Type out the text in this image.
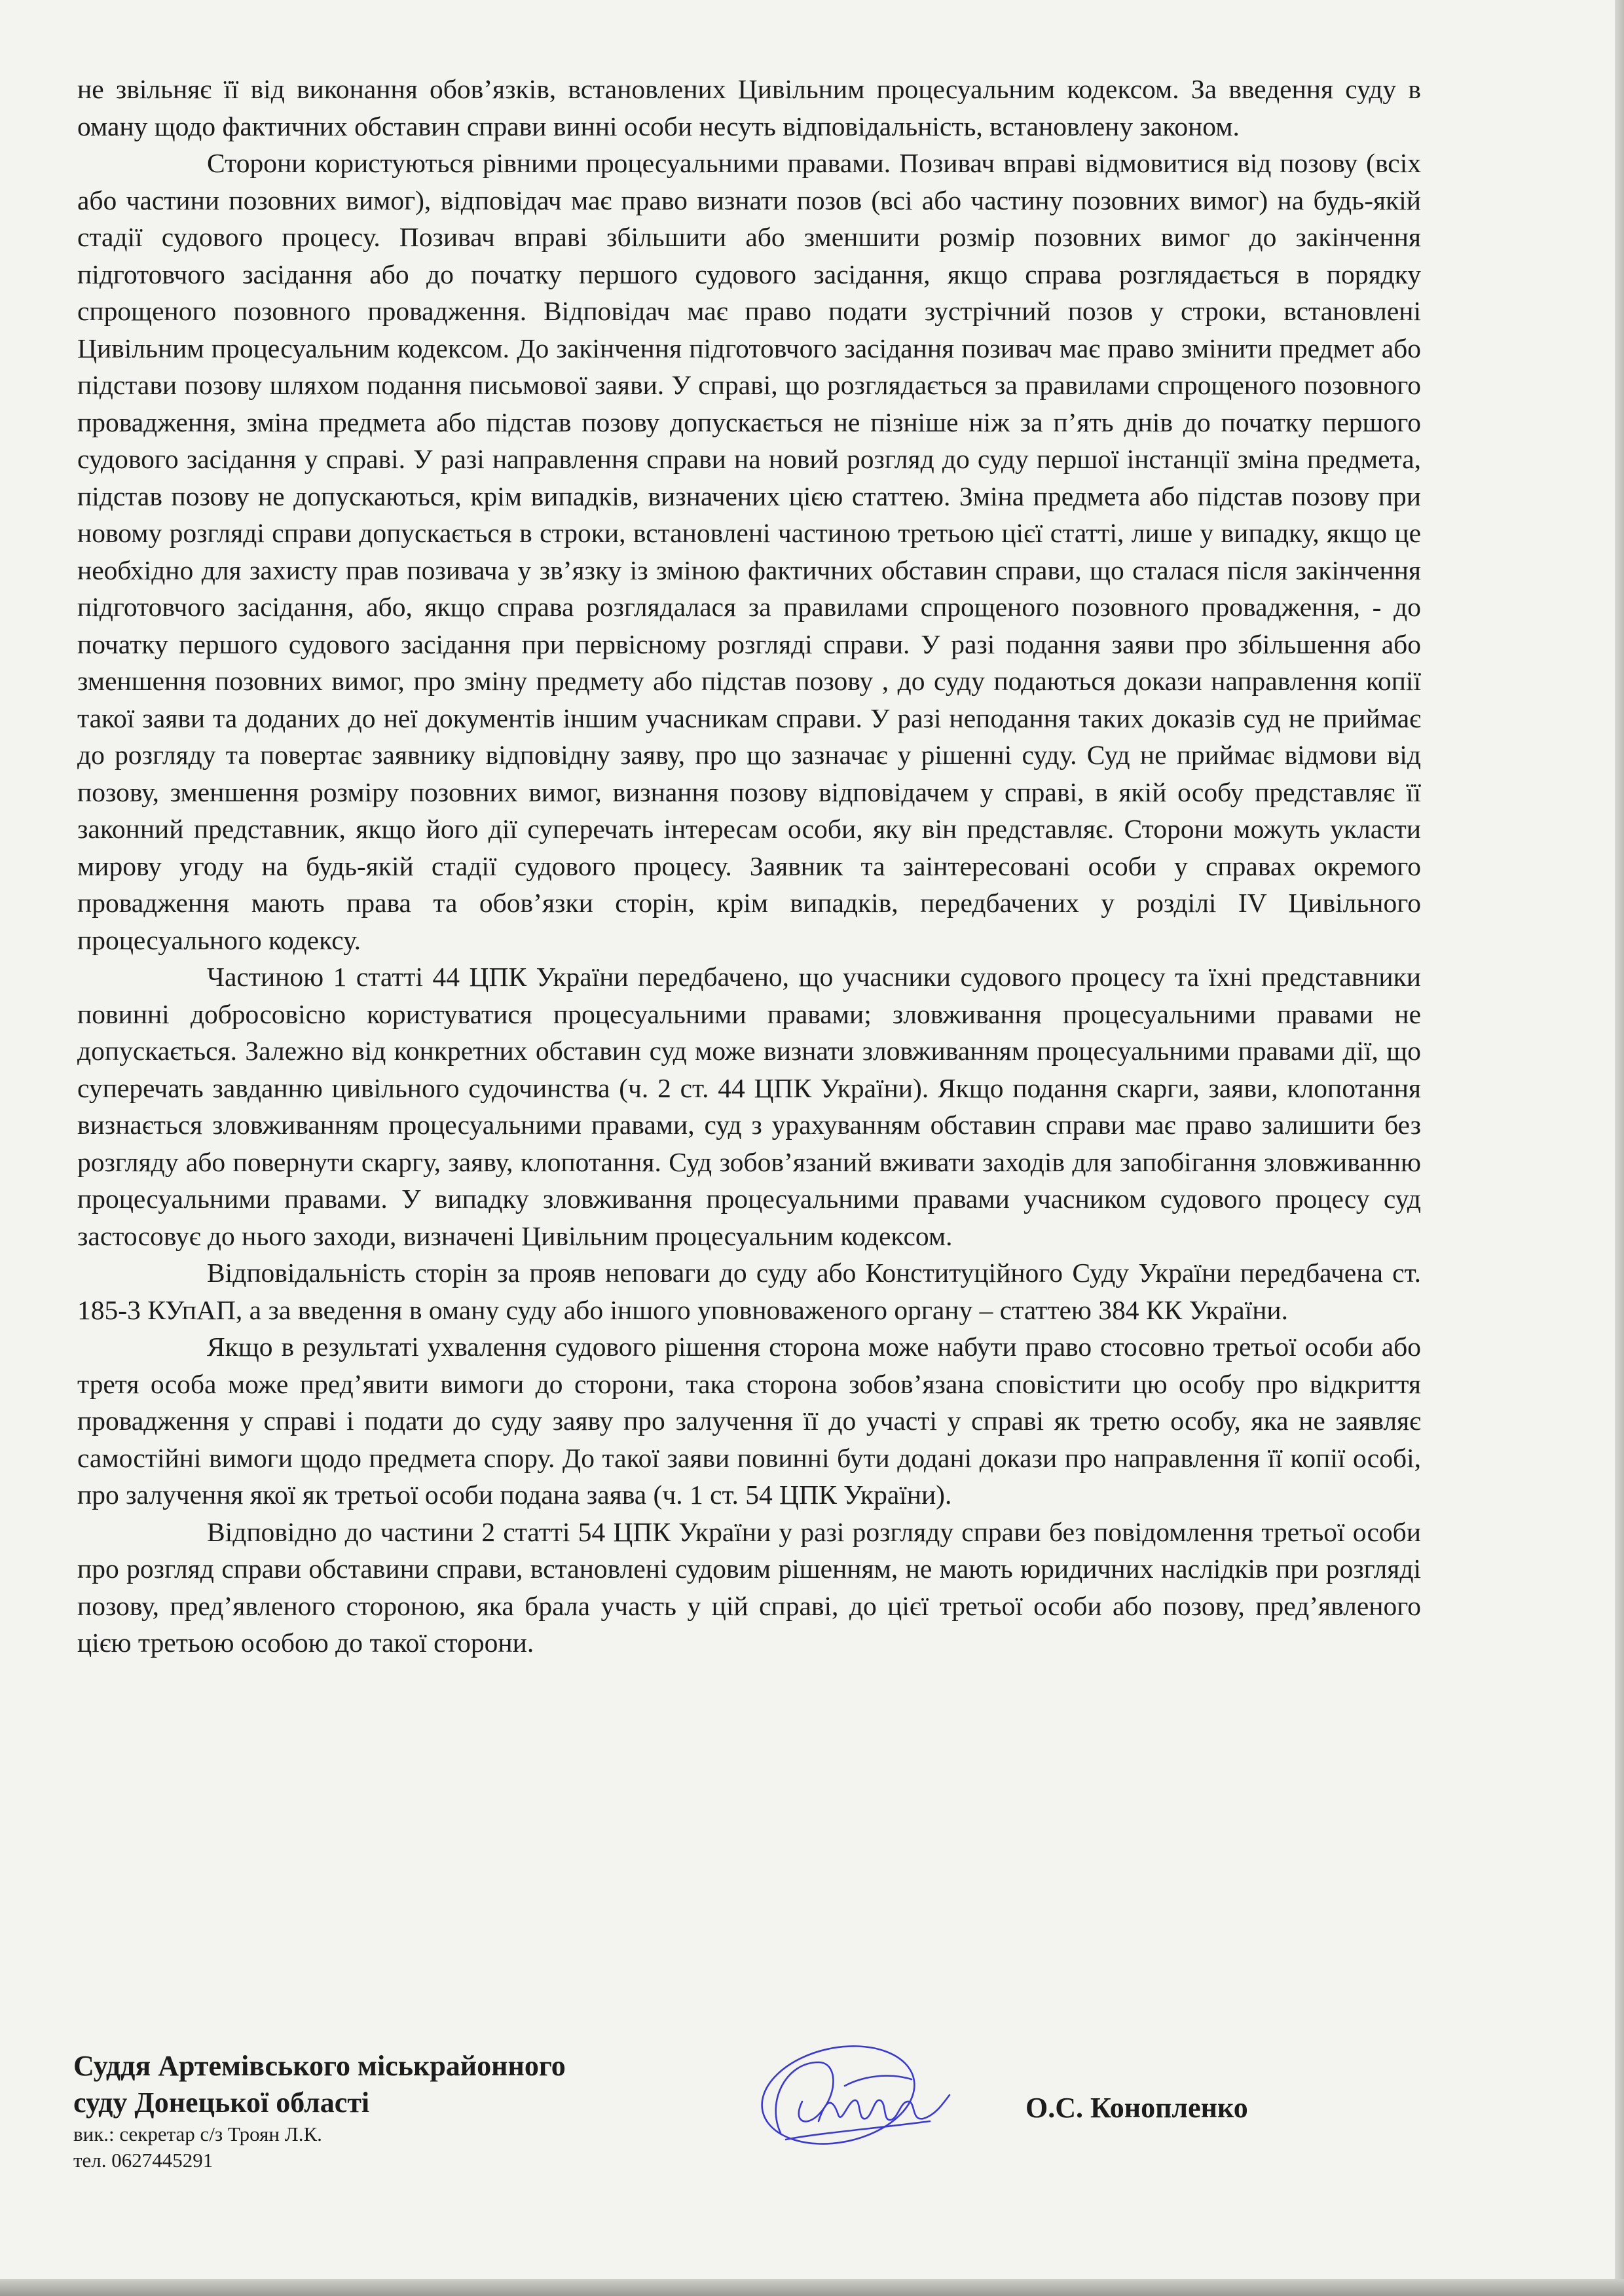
не звільняє її від виконання обов’язків, встановлених Цивільним процесуальним кодексом. За введення суду в оману щодо фактичних обставин справи винні особи несуть відповідальність, встановлену законом.

Сторони користуються рівними процесуальними правами. Позивач вправі відмовитися від позову (всіх або частини позовних вимог), відповідач має право визнати позов (всі або частину позовних вимог) на будь-якій стадії судового процесу. Позивач вправі збільшити або зменшити розмір позовних вимог до закінчення підготовчого засідання або до початку першого судового засідання, якщо справа розглядається в порядку спрощеного позовного провадження. Відповідач має право подати зустрічний позов у строки, встановлені Цивільним процесуальним кодексом. До закінчення підготовчого засідання позивач має право змінити предмет або підстави позову шляхом подання письмової заяви. У справі, що розглядається за правилами спрощеного позовного провадження, зміна предмета або підстав позову допускається не пізніше ніж за п’ять днів до початку першого судового засідання у справі. У разі направлення справи на новий розгляд до суду першої інстанції зміна предмета, підстав позову не допускаються, крім випадків, визначених цією статтею. Зміна предмета або підстав позову при новому розгляді справи допускається в строки, встановлені частиною третьою цієї статті, лише у випадку, якщо це необхідно для захисту прав позивача у зв’язку із зміною фактичних обставин справи, що сталася після закінчення підготовчого засідання, або, якщо справа розглядалася за правилами спрощеного позовного провадження, - до початку першого судового засідання при первісному розгляді справи. У разі подання заяви про збільшення або зменшення позовних вимог, про зміну предмету або підстав позову , до суду подаються докази направлення копії такої заяви та доданих до неї документів іншим учасникам справи. У разі неподання таких доказів суд не приймає до розгляду та повертає заявнику відповідну заяву, про що зазначає у рішенні суду. Суд не приймає відмови від позову, зменшення розміру позовних вимог, визнання позову відповідачем у справі, в якій особу представляє її законний представник, якщо його дії суперечать інтересам особи, яку він представляє. Сторони можуть укласти мирову угоду на будь-якій стадії судового процесу. Заявник та заінтересовані особи у справах окремого провадження мають права та обов’язки сторін, крім випадків, передбачених у розділі IV Цивільного процесуального кодексу.

Частиною 1 статті 44 ЦПК України передбачено, що учасники судового процесу та їхні представники повинні добросовісно користуватися процесуальними правами; зловживання процесуальними правами не допускається. Залежно від конкретних обставин суд може визнати зловживанням процесуальними правами дії, що суперечать завданню цивільного судочинства (ч. 2 ст. 44 ЦПК України). Якщо подання скарги, заяви, клопотання визнається зловживанням процесуальними правами, суд з урахуванням обставин справи має право залишити без розгляду або повернути скаргу, заяву, клопотання. Суд зобов’язаний вживати заходів для запобігання зловживанню процесуальними правами. У випадку зловживання процесуальними правами учасником судового процесу суд застосовує до нього заходи, визначені Цивільним процесуальним кодексом.

Відповідальність сторін за прояв неповаги до суду або Конституційного Суду України передбачена ст. 185-3 КУпАП, а за введення в оману суду або іншого уповноваженого органу – статтею 384 КК України.

Якщо в результаті ухвалення судового рішення сторона може набути право стосовно третьої особи або третя особа може пред’явити вимоги до сторони, така сторона зобов’язана сповістити цю особу про відкриття провадження у справі і подати до суду заяву про залучення її до участі у справі як третю особу, яка не заявляє самостійні вимоги щодо предмета спору. До такої заяви повинні бути додані докази про направлення її копії особі, про залучення якої як третьої особи подана заява (ч. 1 ст. 54 ЦПК України).

Відповідно до частини 2 статті 54 ЦПК України у разі розгляду справи без повідомлення третьої особи про розгляд справи обставини справи, встановлені судовим рішенням, не мають юридичних наслідків при розгляді позову, пред’явленого стороною, яка брала участь у цій справі, до цієї третьої особи або позову, пред’явленого цією третьою особою до такої сторони.

Суддя Артемівського міськрайонного

суду Донецької області

вик.: секретар с/з Троян Л.К.

тел. 0627445291

О.С. Конопленко
